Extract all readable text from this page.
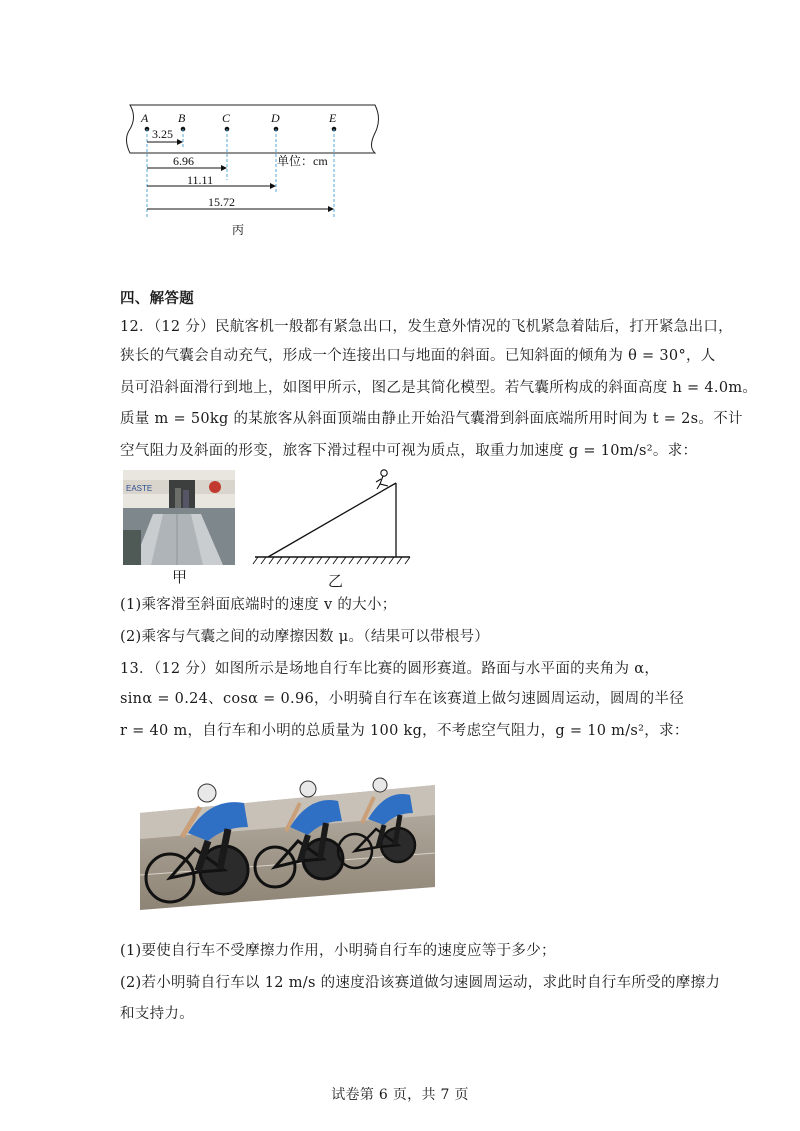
A B	C	D	E
3.25
6.96
11.11
15.72
单位：cm
丙
四、解答题
12．（12 分）民航客机一般都有紧急出口，发生意外情况的飞机紧急着陆后，打开紧急出口，
狭长的气囊会自动充气，形成一个连接出口与地面的斜面。已知斜面的倾角为 θ = 30°，人
员可沿斜面滑行到地上，如图甲所示，图乙是其简化模型。若气囊所构成的斜面高度 h = 4.0m。
质量 m = 50kg 的某旅客从斜面顶端由静止开始沿气囊滑到斜面底端所用时间为 t = 2s。不计
空气阻力及斜面的形变，旅客下滑过程中可视为质点，取重力加速度 g = 10m/s²。求：
EASTE
甲	乙
(1)乘客滑至斜面底端时的速度 v 的大小；
(2)乘客与气囊之间的动摩擦因数 μ。（结果可以带根号）
13．（12 分）如图所示是场地自行车比赛的圆形赛道。路面与水平面的夹角为 α，
sinα = 0.24、cosα = 0.96，小明骑自行车在该赛道上做匀速圆周运动，圆周的半径
r = 40 m，自行车和小明的总质量为 100 kg，不考虑空气阻力，g = 10 m/s²，求：
(1)要使自行车不受摩擦力作用，小明骑自行车的速度应等于多少；
(2)若小明骑自行车以 12 m/s 的速度沿该赛道做匀速圆周运动，求此时自行车所受的摩擦力
和支持力。
试卷第 6 页，共 7 页
